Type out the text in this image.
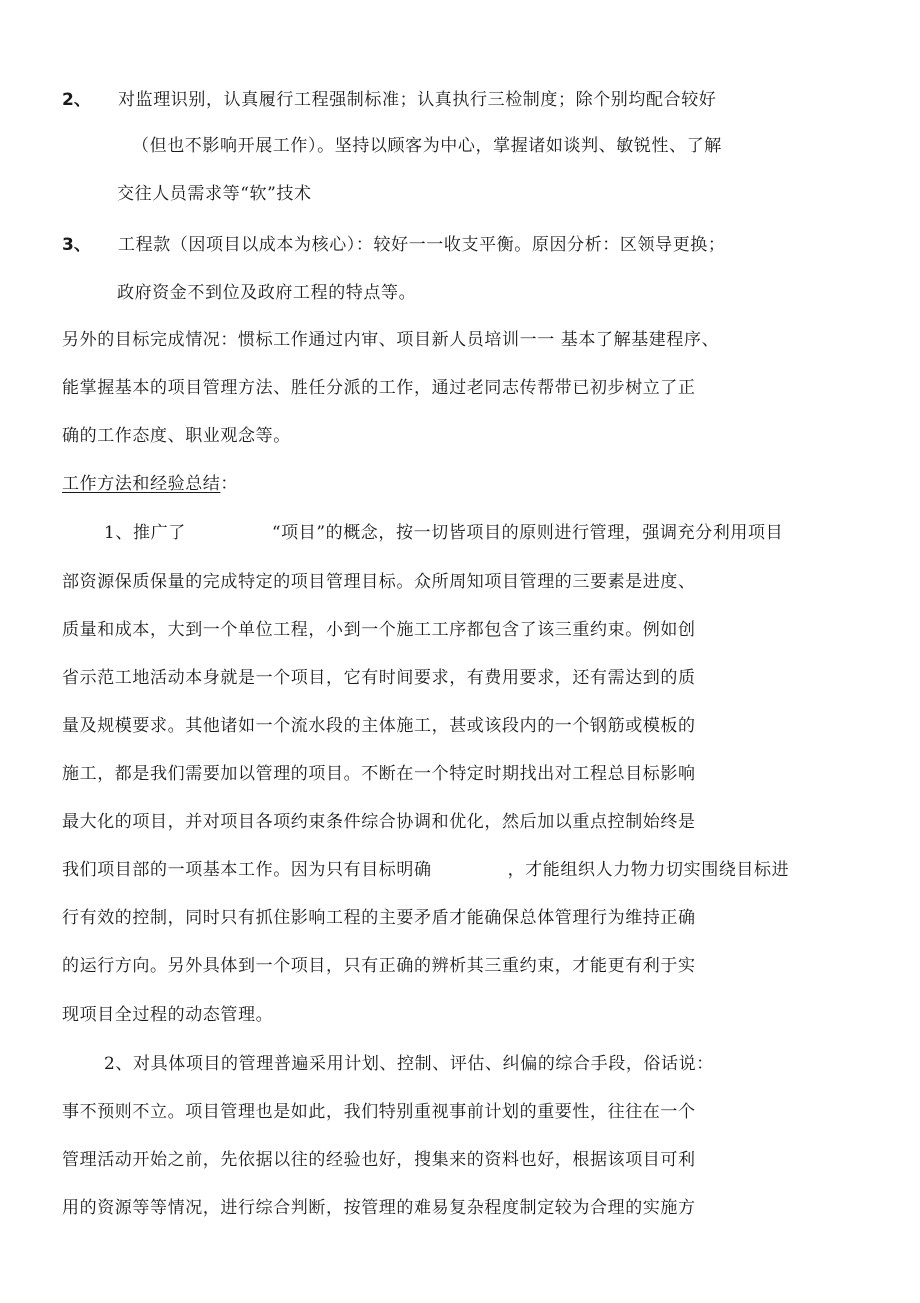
2、 对监理识别，认真履行工程强制标准；认真执行三检制度；除个别均配合较好
（但也不影响开展工作）。坚持以顾客为中心，掌握诸如谈判、敏锐性、了解
交往人员需求等“软”技术
3、 工程款（因项目以成本为核心）：较好一一收支平衡。原因分析：区领导更换；
政府资金不到位及政府工程的特点等。
另外的目标完成情况：惯标工作通过内审、项目新人员培训一一 基本了解基建程序、
能掌握基本的项目管理方法、胜任分派的工作，通过老同志传帮带已初步树立了正
确的工作态度、职业观念等。
工作方法和经验总结：
1、推广了	“项目”的概念，按一切皆项目的原则进行管理，强调充分利用项目
部资源保质保量的完成特定的项目管理目标。众所周知项目管理的三要素是进度、
质量和成本，大到一个单位工程，小到一个施工工序都包含了该三重约束。例如创
省示范工地活动本身就是一个项目，它有时间要求，有费用要求，还有需达到的质
量及规模要求。其他诸如一个流水段的主体施工，甚或该段内的一个钢筋或模板的
施工，都是我们需要加以管理的项目。不断在一个特定时期找出对工程总目标影响
最大化的项目，并对项目各项约束条件综合协调和优化，然后加以重点控制始终是
我们项目部的一项基本工作。因为只有目标明确	，才能组织人力物力切实围绕目标进
行有效的控制，同时只有抓住影响工程的主要矛盾才能确保总体管理行为维持正确
的运行方向。另外具体到一个项目，只有正确的辨析其三重约束，才能更有利于实
现项目全过程的动态管理。
2、对具体项目的管理普遍采用计划、控制、评估、纠偏的综合手段，俗话说：
事不预则不立。项目管理也是如此，我们特别重视事前计划的重要性，往往在一个
管理活动开始之前，先依据以往的经验也好，搜集来的资料也好，根据该项目可利
用的资源等等情况，进行综合判断，按管理的难易复杂程度制定较为合理的实施方
